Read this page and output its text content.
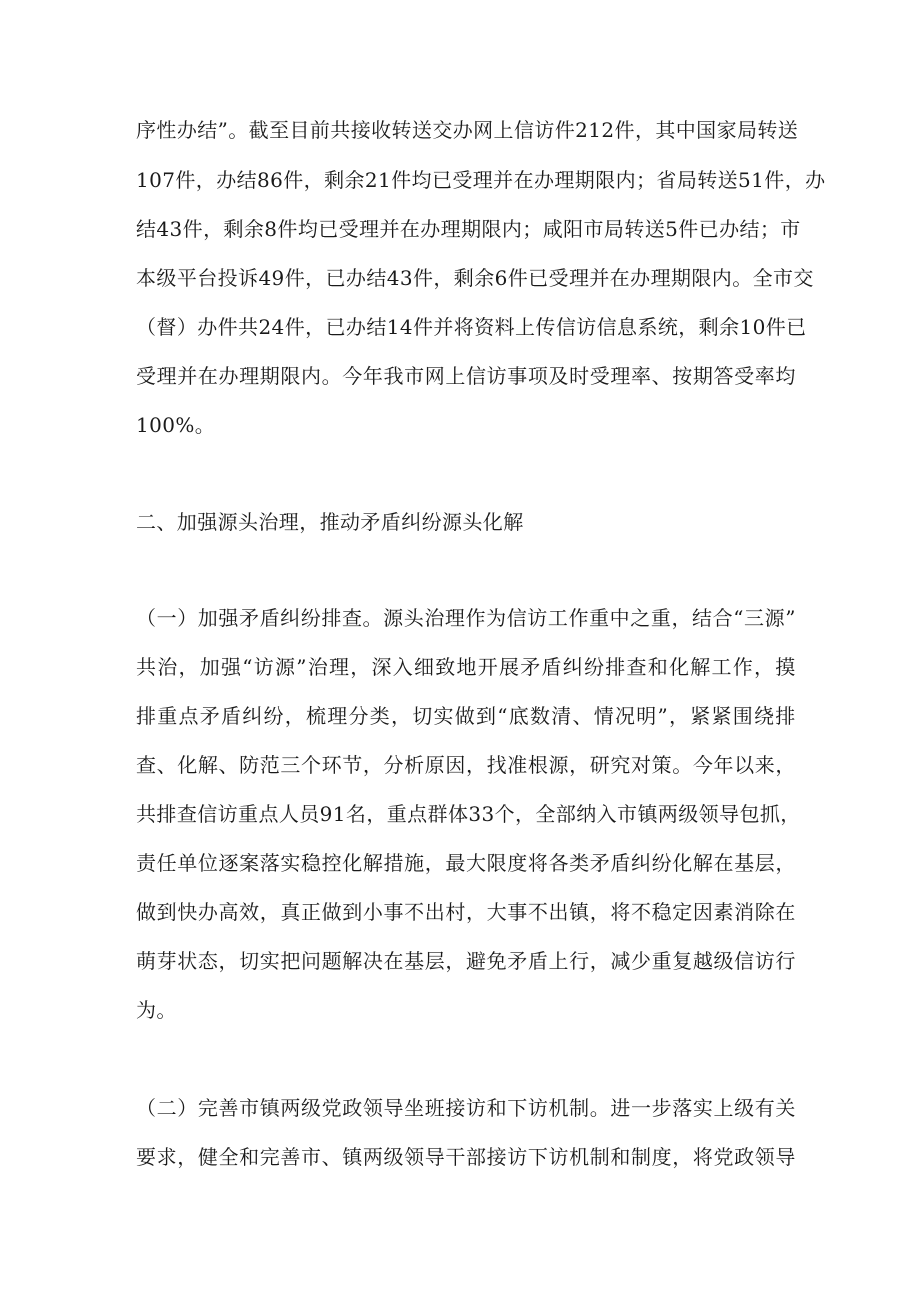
序 性 办 结 ” 。 截 至 目 前 共 接 收 转 送 交 办 网 上 信 访 件 212 件 ， 其 中 国 家 局 转 送
107 件 ， 办 结 86 件 ， 剩 余 21 件 均 已 受 理 并 在 办 理 期 限 内 ； 省 局 转 送 51 件 ， 办
结 43 件 ， 剩 余 8 件 均 已 受 理 并 在 办 理 期 限 内 ； 咸 阳 市 局 转 送 5 件 已 办 结 ； 市
本 级 平 台 投 诉 49 件 ， 已 办 结 43 件 ， 剩 余 6 件 已 受 理 并 在 办 理 期 限 内 。 全 市 交
（ 督 ） 办 件 共 24 件 ， 已 办 结 14 件 并 将 资 料 上 传 信 访 信 息 系 统 ， 剩 余 10 件 已
受 理 并 在 办 理 期 限 内 。 今 年 我 市 网 上 信 访 事 项 及 时 受 理 率 、 按 期 答 受 率 均
100%。
二、加强源头治理，推动矛盾纠纷源头化解
（ 一 ） 加 强 矛 盾 纠 纷 排 查 。 源 头 治 理 作 为 信 访 工 作 重 中 之 重 ， 结 合 “ 三 源 ”
共 治 ， 加 强 “ 访 源 ” 治 理 ， 深 入 细 致 地 开 展 矛 盾 纠 纷 排 查 和 化 解 工 作 ， 摸
排 重 点 矛 盾 纠 纷 ， 梳 理 分 类 ， 切 实 做 到 “ 底 数 清 、 情 况 明 ” ， 紧 紧 围 绕 排
查 、 化 解 、 防 范 三 个 环 节 ， 分 析 原 因 ， 找 准 根 源 ， 研 究 对 策 。 今 年 以 来 ，
共 排 查 信 访 重 点 人 员 91 名 ， 重 点 群 体 33 个 ， 全 部 纳 入 市 镇 两 级 领 导 包 抓 ，
责 任 单 位 逐 案 落 实 稳 控 化 解 措 施 ， 最 大 限 度 将 各 类 矛 盾 纠 纷 化 解 在 基 层 ，
做 到 快 办 高 效 ， 真 正 做 到 小 事 不 出 村 ， 大 事 不 出 镇 ， 将 不 稳 定 因 素 消 除 在
萌 芽 状 态 ， 切 实 把 问 题 解 决 在 基 层 ， 避 免 矛 盾 上 行 ， 减 少 重 复 越 级 信 访 行
为。
（ 二 ） 完 善 市 镇 两 级 党 政 领 导 坐 班 接 访 和 下 访 机 制 。 进 一 步 落 实 上 级 有 关
要 求 ， 健 全 和 完 善 市 、 镇 两 级 领 导 干 部 接 访 下 访 机 制 和 制 度 ， 将 党 政 领 导
